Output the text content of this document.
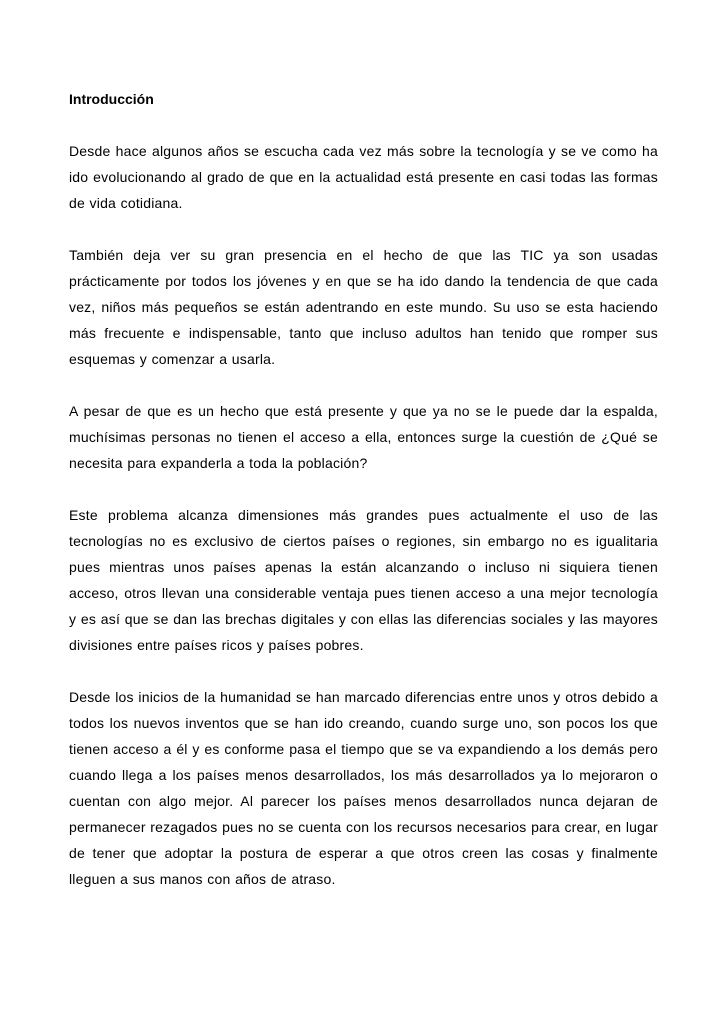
Introducción

Desde hace algunos años se escucha cada vez más sobre la tecnología y se ve como ha ido evolucionando al grado de que en la actualidad está presente en casi todas las formas de vida cotidiana.

También deja ver su gran presencia en el hecho de que las TIC ya son usadas prácticamente por todos los jóvenes y en que se ha ido dando la tendencia de que cada vez, niños más pequeños se están adentrando en este mundo. Su uso se esta haciendo más frecuente e indispensable, tanto que incluso adultos han tenido que romper sus esquemas y comenzar a usarla.

A pesar de que es un hecho que está presente y que ya no se le puede dar la espalda, muchísimas personas no tienen el acceso a ella, entonces surge la cuestión de ¿Qué se necesita para expanderla a toda la población?

Este problema alcanza dimensiones más grandes pues actualmente el uso de las tecnologías no es exclusivo de ciertos países o regiones, sin embargo no es igualitaria pues mientras unos países apenas la están alcanzando o incluso ni siquiera tienen acceso, otros llevan una considerable ventaja pues tienen acceso a una mejor tecnología y es así que se dan las brechas digitales y con ellas las diferencias sociales y las mayores divisiones entre países ricos y países pobres.

Desde los inicios de la humanidad se han marcado diferencias entre unos y otros debido a todos los nuevos inventos que se han ido creando, cuando surge uno, son pocos los que tienen acceso a él y es conforme pasa el tiempo que se va expandiendo a los demás pero cuando llega a los países menos desarrollados, los más desarrollados ya lo mejoraron o cuentan con algo mejor. Al parecer los países menos desarrollados nunca dejaran de permanecer rezagados pues no se cuenta con los recursos necesarios para crear, en lugar de tener que adoptar la postura de esperar a que otros creen las cosas y finalmente lleguen a sus manos con años de atraso.
